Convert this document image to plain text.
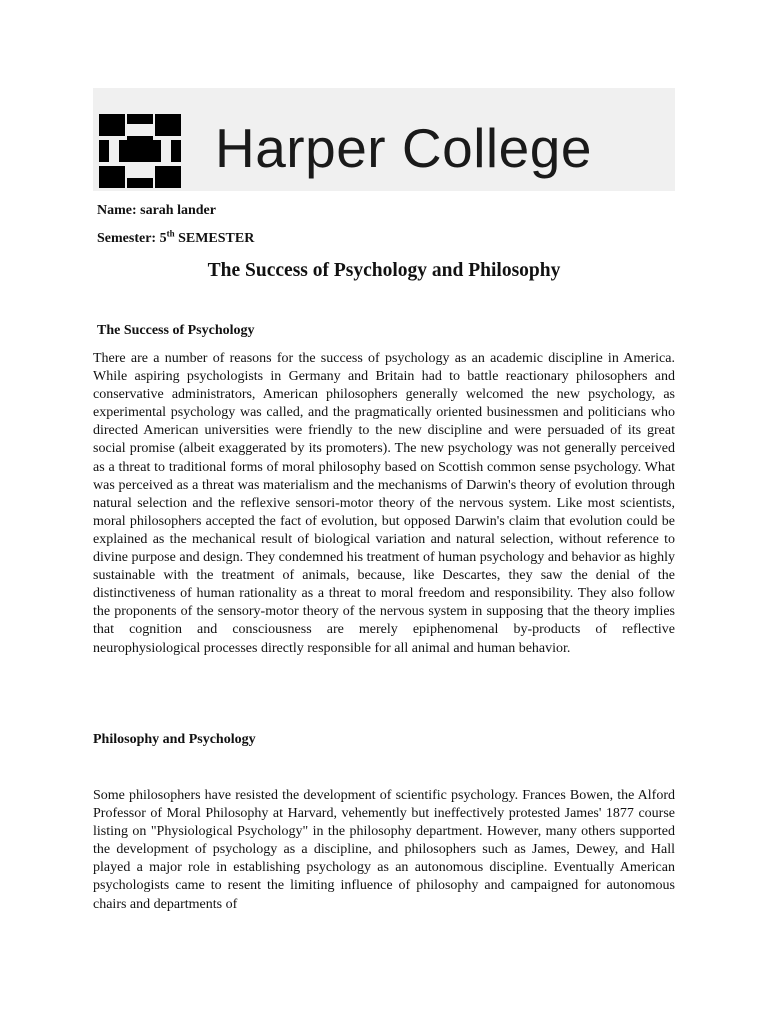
Harper College
Name: sarah lander
Semester: 5th SEMESTER
The Success of Psychology and Philosophy
The Success of Psychology

There are a number of reasons for the success of psychology as an academic discipline in America. While aspiring psychologists in Germany and Britain had to battle reactionary philosophers and conservative administrators, American philosophers generally welcomed the new psychology, as experimental psychology was called, and the pragmatically oriented businessmen and politicians who directed American universities were friendly to the new discipline and were persuaded of its great social promise (albeit exaggerated by its promoters). The new psychology was not generally perceived as a threat to traditional forms of moral philosophy based on Scottish common sense psychology. What was perceived as a threat was materialism and the mechanisms of Darwin's theory of evolution through natural selection and the reflexive sensori-motor theory of the nervous system. Like most scientists, moral philosophers accepted the fact of evolution, but opposed Darwin's claim that evolution could be explained as the mechanical result of biological variation and natural selection, without reference to divine purpose and design. They condemned his treatment of human psychology and behavior as highly sustainable with the treatment of animals, because, like Descartes, they saw the denial of the distinctiveness of human rationality as a threat to moral freedom and responsibility. They also follow the proponents of the sensory-motor theory of the nervous system in supposing that the theory implies that cognition and consciousness are merely epiphenomenal by-products of reflective neurophysiological processes directly responsible for all animal and human behavior.

Philosophy and Psychology

Some philosophers have resisted the development of scientific psychology. Frances Bowen, the Alford Professor of Moral Philosophy at Harvard, vehemently but ineffectively protested James' 1877 course listing on "Physiological Psychology" in the philosophy department. However, many others supported the development of psychology as a discipline, and philosophers such as James, Dewey, and Hall played a major role in establishing psychology as an autonomous discipline. Eventually American psychologists came to resent the limiting influence of philosophy and campaigned for autonomous chairs and departments of
